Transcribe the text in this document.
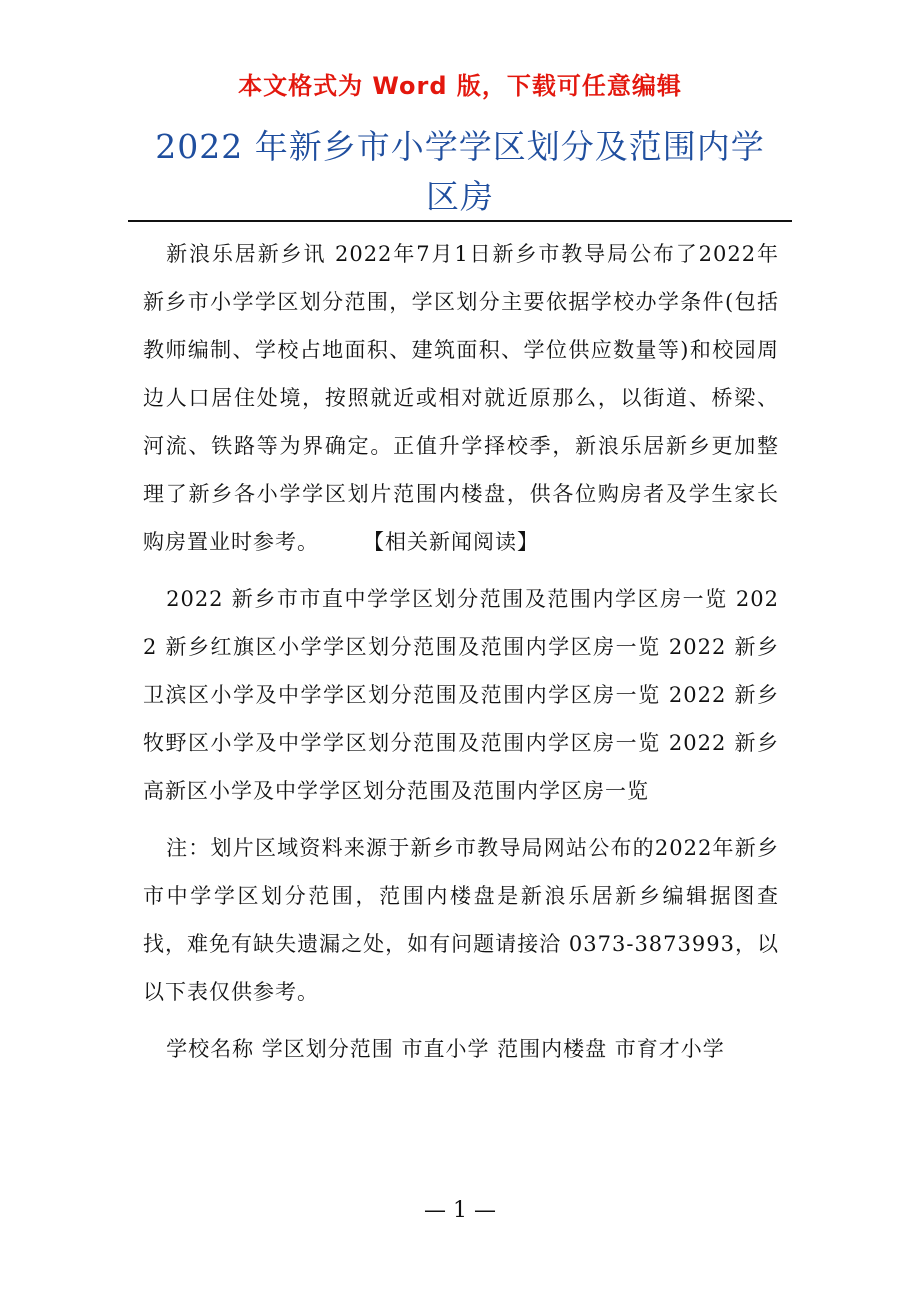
本文格式为 Word 版，下载可任意编辑
2022 年新乡市小学学区划分及范围内学区房

新浪乐居新乡讯 2022年7月1日新乡市教导局公布了2022年新乡市小学学区划分范围，学区划分主要依据学校办学条件(包括教师编制、学校占地面积、建筑面积、学位供应数量等)和校园周边人口居住处境，按照就近或相对就近原那么，以街道、桥梁、河流、铁路等为界确定。正值升学择校季，新浪乐居新乡更加整理了新乡各小学学区划片范围内楼盘，供各位购房者及学生家长购房置业时参考。 【相关新闻阅读】

2022 新乡市市直中学学区划分范围及范围内学区房一览 2022 新乡红旗区小学学区划分范围及范围内学区房一览 2022 新乡卫滨区小学及中学学区划分范围及范围内学区房一览 2022 新乡牧野区小学及中学学区划分范围及范围内学区房一览 2022 新乡高新区小学及中学学区划分范围及范围内学区房一览

注：划片区域资料来源于新乡市教导局网站公布的2022年新乡市中学学区划分范围，范围内楼盘是新浪乐居新乡编辑据图查找，难免有缺失遗漏之处，如有问题请接洽 0373-3873993，以以下表仅供参考。

学校名称 学区划分范围 市直小学 范围内楼盘 市育才小学

— 1 —
